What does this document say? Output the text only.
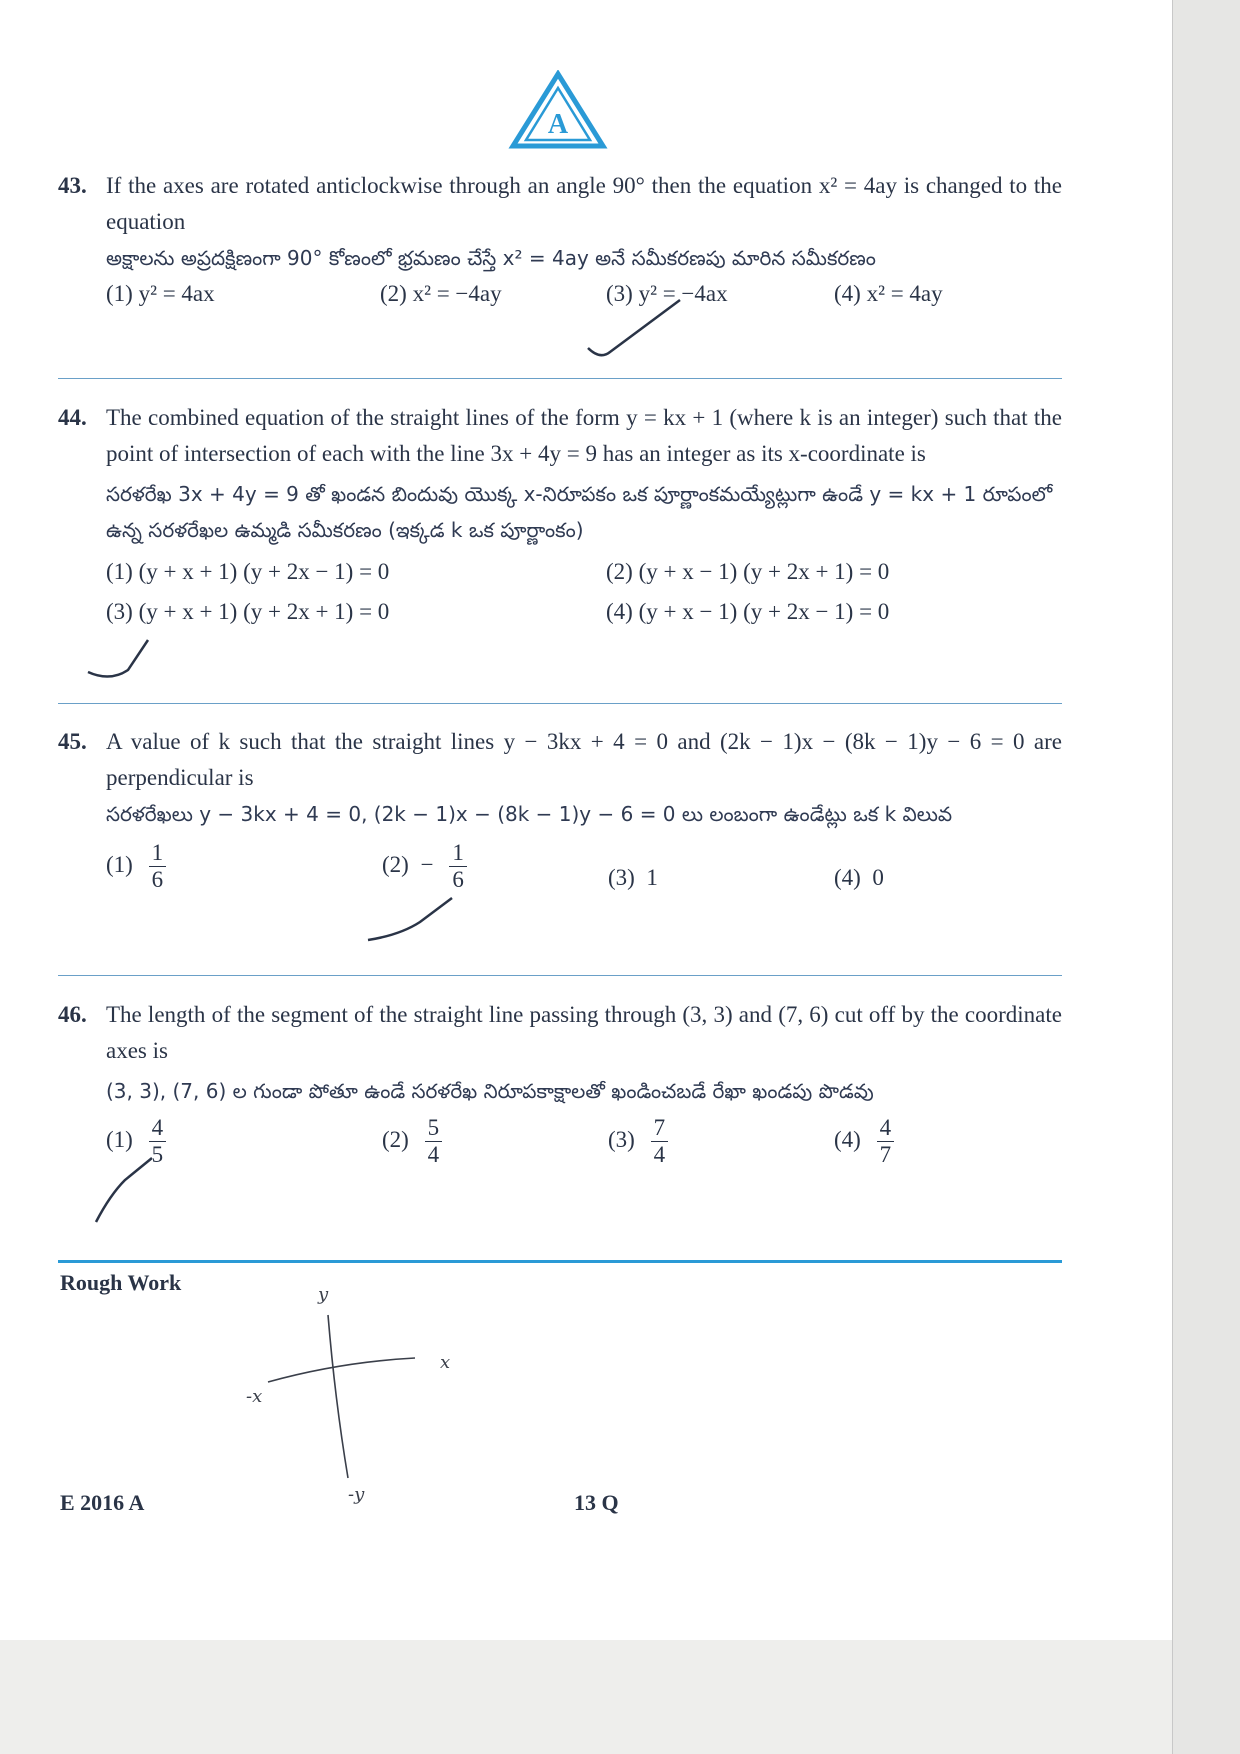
A
43. If the axes are rotated anticlockwise through an angle 90° then the equation x² = 4ay is changed to the equation
అక్షాలను అప్రదక్షిణంగా 90° కోణంలో భ్రమణం చేస్తే x² = 4ay అనే సమీకరణపు మారిన సమీకరణం
(1) y² = 4ax	(2) x² = −4ay	(3) y² = −4ax	(4) x² = 4ay
44. The combined equation of the straight lines of the form y = kx + 1 (where k is an integer) such that the point of intersection of each with the line 3x + 4y = 9 has an integer as its x-coordinate is
సరళరేఖ 3x + 4y = 9 తో ఖండన బిందువు యొక్క x-నిరూపకం ఒక పూర్ణాంకమయ్యేట్లుగా ఉండే y = kx + 1 రూపంలో ఉన్న సరళరేఖల ఉమ్మడి సమీకరణం (ఇక్కడ k ఒక పూర్ణాంకం)
(1) (y + x + 1) (y + 2x − 1) = 0	(2) (y + x − 1) (y + 2x + 1) = 0
(3) (y + x + 1) (y + 2x + 1) = 0	(4) (y + x − 1) (y + 2x − 1) = 0
45. A value of k such that the straight lines y − 3kx + 4 = 0 and (2k − 1)x − (8k − 1)y − 6 = 0 are perpendicular is
సరళరేఖలు y − 3kx + 4 = 0, (2k − 1)x − (8k − 1)y − 6 = 0 లు లంబంగా ఉండేట్లు ఒక k విలువ
$(1) \frac{1}{6}$	$(2) - \frac{1}{6}$	(3) 1	(4) 0
46. The length of the segment of the straight line passing through (3, 3) and (7, 6) cut off by the coordinate axes is
(3, 3), (7, 6) ల గుండా పోతూ ఉండే సరళరేఖ నిరూపకాక్షాలతో ఖండించబడే రేఖా ఖండపు పొడవు
$(1) \frac{4}{5}$	$(2) \frac{5}{4}$	$(3) \frac{7}{4}$	$(4) \frac{4}{7}$
Rough Work	y
x
-x
-y
E 2016 A	13 Q
